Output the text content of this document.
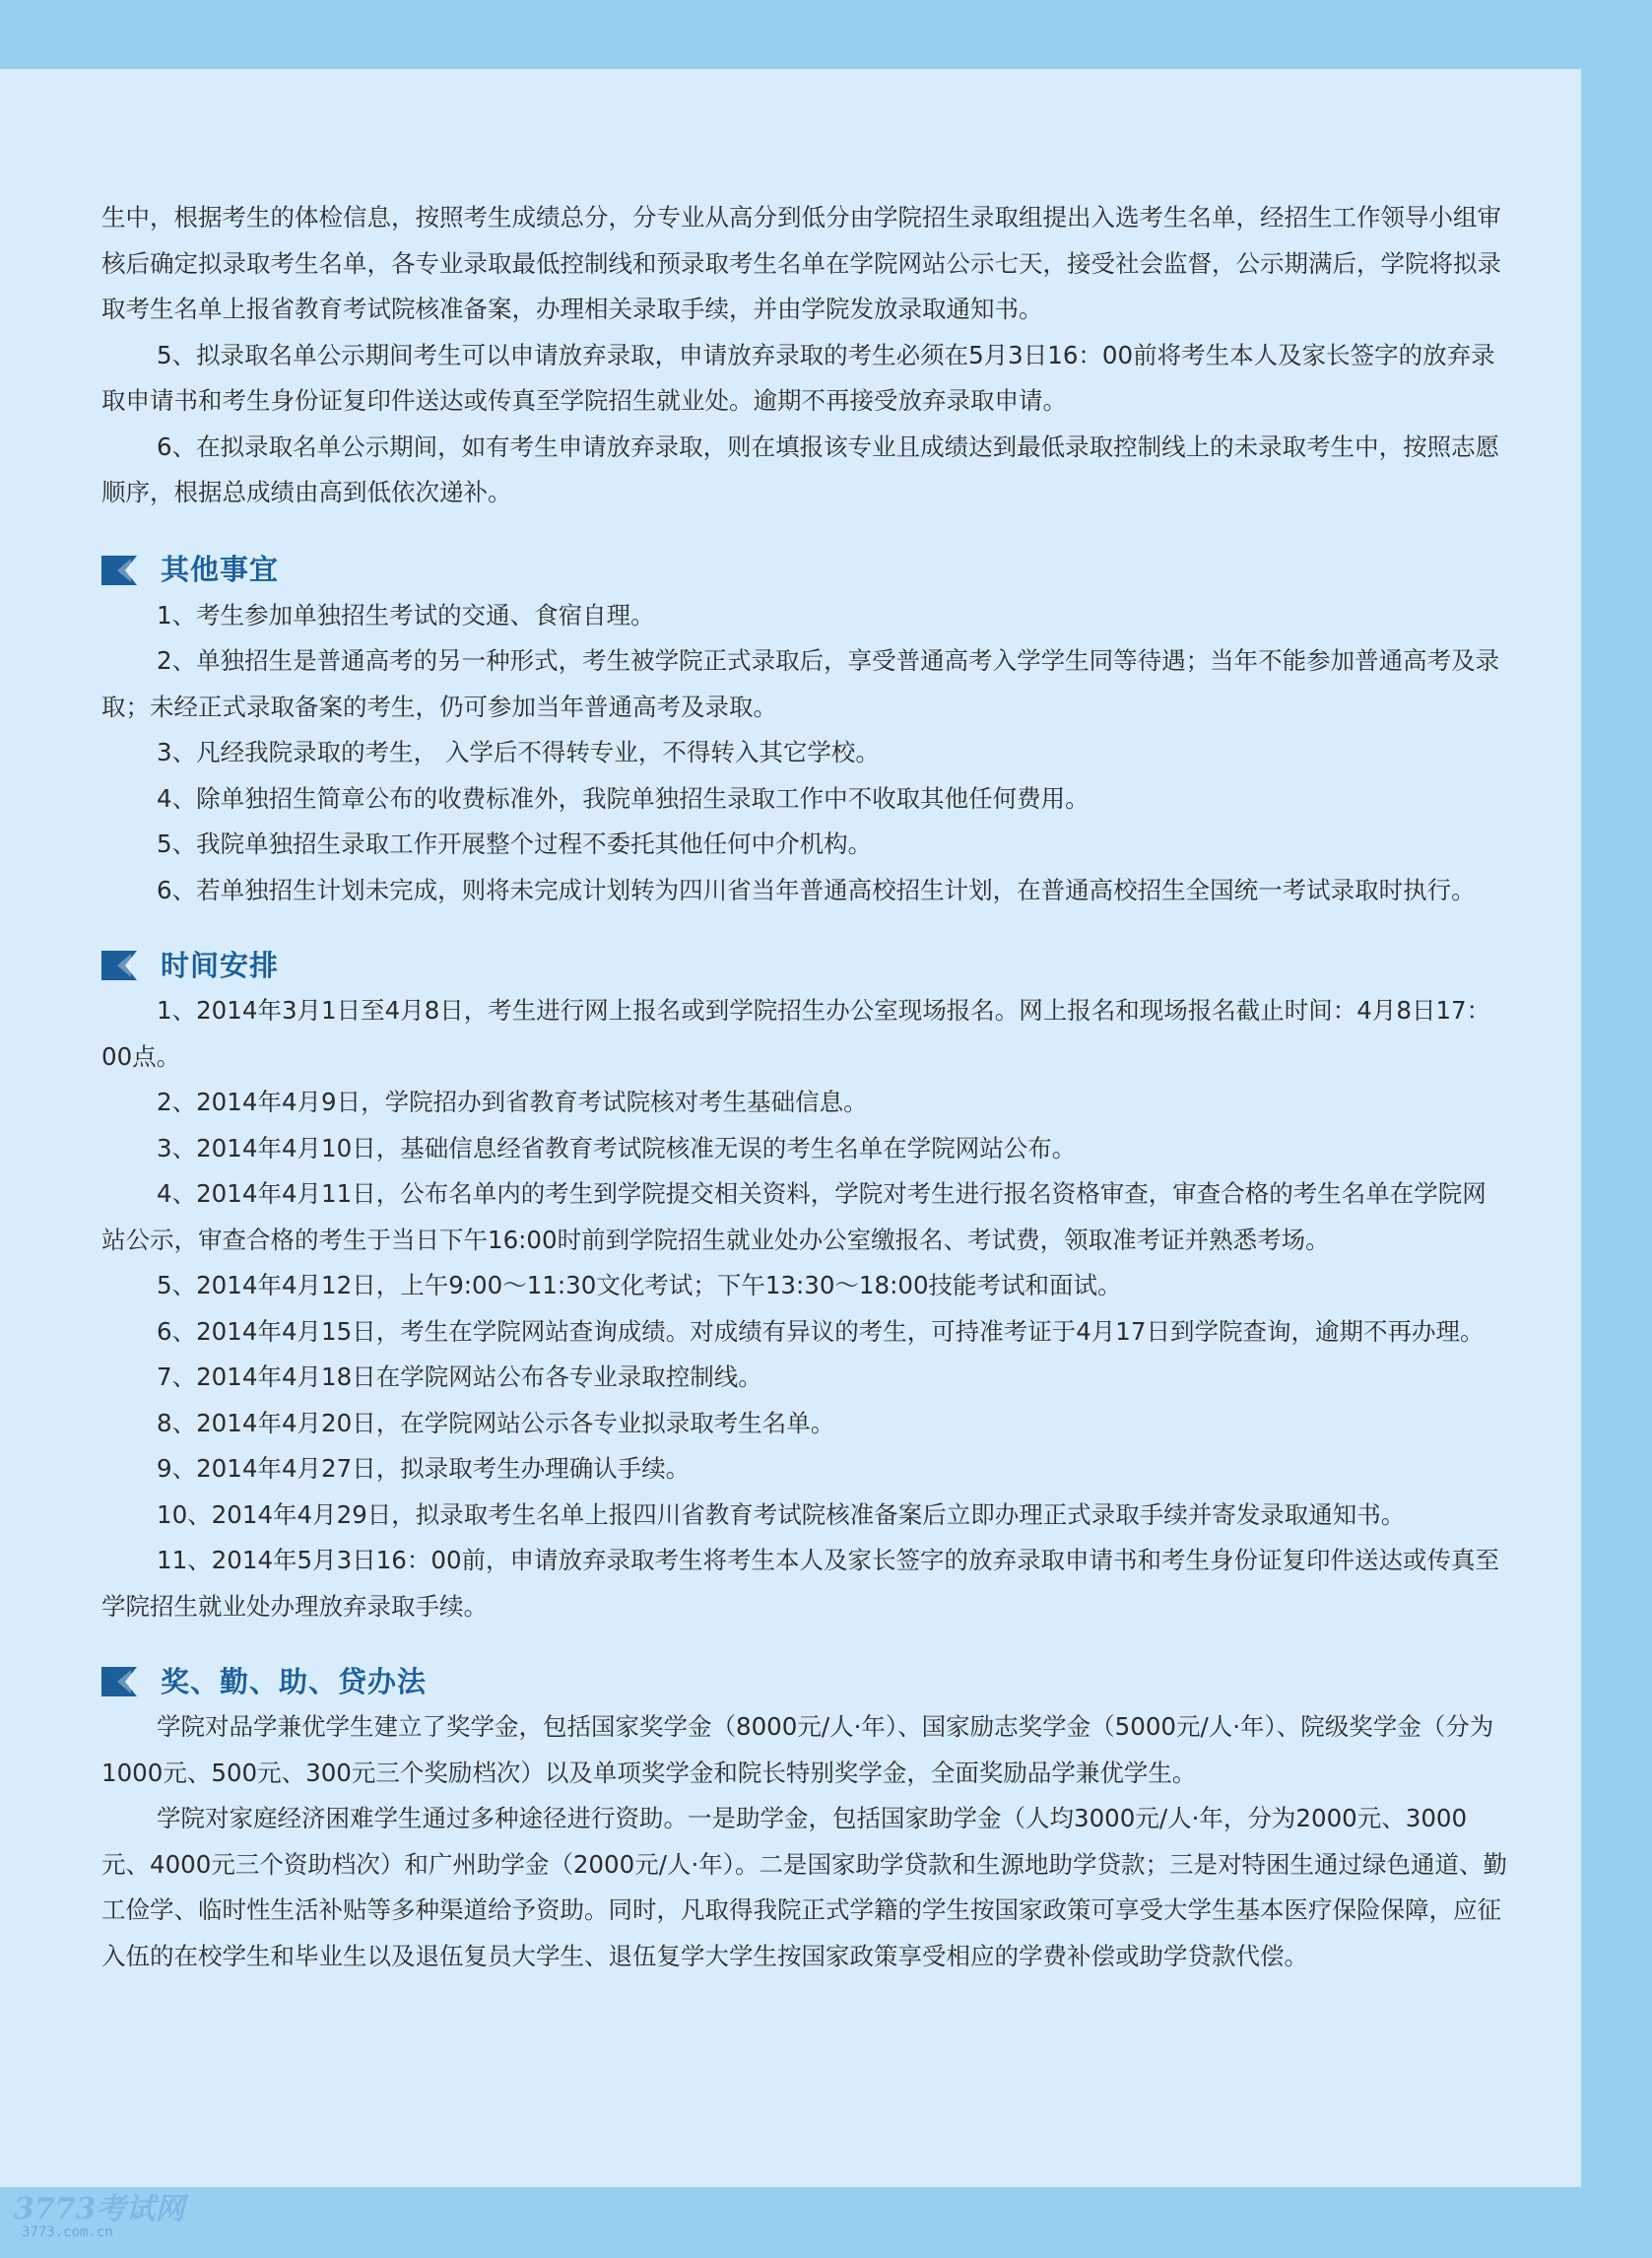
生中，根据考生的体检信息，按照考生成绩总分，分专业从高分到低分由学院招生录取组提出入选考生名单，经招生工作领导小组审核后确定拟录取考生名单，各专业录取最低控制线和预录取考生名单在学院网站公示七天，接受社会监督，公示期满后，学院将拟录取考生名单上报省教育考试院核准备案，办理相关录取手续，并由学院发放录取通知书。

5、拟录取名单公示期间考生可以申请放弃录取，申请放弃录取的考生必须在5月3日16：00前将考生本人及家长签字的放弃录取申请书和考生身份证复印件送达或传真至学院招生就业处。逾期不再接受放弃录取申请。

6、在拟录取名单公示期间，如有考生申请放弃录取，则在填报该专业且成绩达到最低录取控制线上的未录取考生中，按照志愿顺序，根据总成绩由高到低依次递补。

其他事宜

1、考生参加单独招生考试的交通、食宿自理。

2、单独招生是普通高考的另一种形式，考生被学院正式录取后，享受普通高考入学学生同等待遇；当年不能参加普通高考及录取；未经正式录取备案的考生，仍可参加当年普通高考及录取。

3、凡经我院录取的考生， 入学后不得转专业，不得转入其它学校。

4、除单独招生简章公布的收费标准外，我院单独招生录取工作中不收取其他任何费用。

5、我院单独招生录取工作开展整个过程不委托其他任何中介机构。

6、若单独招生计划未完成，则将未完成计划转为四川省当年普通高校招生计划，在普通高校招生全国统一考试录取时执行。

时间安排

1、2014年3月1日至4月8日，考生进行网上报名或到学院招生办公室现场报名。网上报名和现场报名截止时间：4月8日17：00点。

2、2014年4月9日，学院招办到省教育考试院核对考生基础信息。

3、2014年4月10日，基础信息经省教育考试院核准无误的考生名单在学院网站公布。

4、2014年4月11日，公布名单内的考生到学院提交相关资料，学院对考生进行报名资格审查，审查合格的考生名单在学院网站公示，审查合格的考生于当日下午16:00时前到学院招生就业处办公室缴报名、考试费，领取准考证并熟悉考场。

5、2014年4月12日，上午9:00～11:30文化考试；下午13:30～18:00技能考试和面试。

6、2014年4月15日，考生在学院网站查询成绩。对成绩有异议的考生，可持准考证于4月17日到学院查询，逾期不再办理。

7、2014年4月18日在学院网站公布各专业录取控制线。

8、2014年4月20日，在学院网站公示各专业拟录取考生名单。

9、2014年4月27日，拟录取考生办理确认手续。

10、2014年4月29日，拟录取考生名单上报四川省教育考试院核准备案后立即办理正式录取手续并寄发录取通知书。

11、2014年5月3日16：00前，申请放弃录取考生将考生本人及家长签字的放弃录取申请书和考生身份证复印件送达或传真至学院招生就业处办理放弃录取手续。

奖、勤、助、贷办法

学院对品学兼优学生建立了奖学金，包括国家奖学金（8000元/人·年）、国家励志奖学金（5000元/人·年）、院级奖学金（分为1000元、500元、300元三个奖励档次）以及单项奖学金和院长特别奖学金，全面奖励品学兼优学生。

学院对家庭经济困难学生通过多种途径进行资助。一是助学金，包括国家助学金（人均3000元/人·年，分为2000元、3000元、4000元三个资助档次）和广州助学金（2000元/人·年）。二是国家助学贷款和生源地助学贷款；三是对特困生通过绿色通道、勤工俭学、临时性生活补贴等多种渠道给予资助。同时，凡取得我院正式学籍的学生按国家政策可享受大学生基本医疗保险保障，应征入伍的在校学生和毕业生以及退伍复员大学生、退伍复学大学生按国家政策享受相应的学费补偿或助学贷款代偿。

3773考试网
3773.com.cn
